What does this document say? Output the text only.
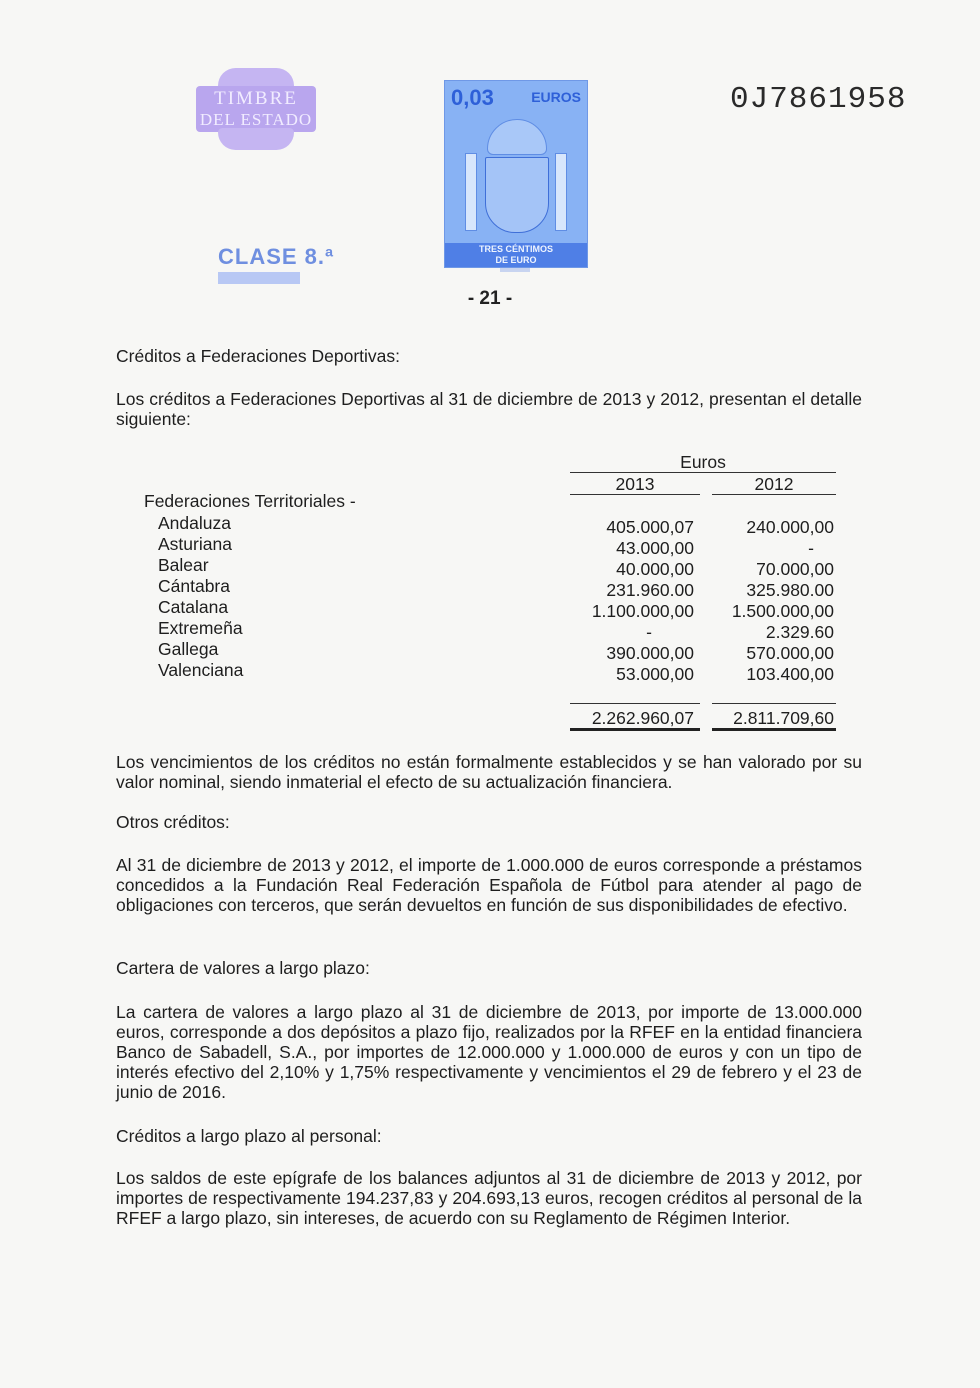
TIMBRE
DEL ESTADO
CLASE 8.ª
0,03	EUROS
TRES CÉNTIMOS
DE EURO
0J7861958
- 21 -
Créditos a Federaciones Deportivas:
Los créditos a Federaciones Deportivas al 31 de diciembre de 2013 y 2012, presentan el detalle siguiente:
Euros
2013	2012
Federaciones Territoriales -
Andaluza	405.000,07	240.000,00
Asturiana	43.000,00	-
Balear	40.000,00	70.000,00
Cántabra	231.960.00	325.980.00
Catalana	1.100.000,00	1.500.000,00
Extremeña	-	2.329.60
Gallega	390.000,00	570.000,00
Valenciana	53.000,00	103.400,00
2.262.960,07	2.811.709,60
Los vencimientos de los créditos no están formalmente establecidos y se han valorado por su valor nominal, siendo inmaterial el efecto de su actualización financiera.
Otros créditos:
Al 31 de diciembre de 2013 y 2012, el importe de 1.000.000 de euros corresponde a préstamos concedidos a la Fundación Real Federación Española de Fútbol para atender al pago de obligaciones con terceros, que serán devueltos en función de sus disponibilidades de efectivo.
Cartera de valores a largo plazo:
La cartera de valores a largo plazo al 31 de diciembre de 2013, por importe de 13.000.000 euros, corresponde a dos depósitos a plazo fijo, realizados por la RFEF en la entidad financiera Banco de Sabadell, S.A., por importes de 12.000.000 y 1.000.000 de euros y con un tipo de interés efectivo del 2,10% y 1,75% respectivamente y vencimientos el 29 de febrero y el 23 de junio de 2016.
Créditos a largo plazo al personal:
Los saldos de este epígrafe de los balances adjuntos al 31 de diciembre de 2013 y 2012, por importes de respectivamente 194.237,83 y 204.693,13 euros, recogen créditos al personal de la RFEF a largo plazo, sin intereses, de acuerdo con su Reglamento de Régimen Interior.
